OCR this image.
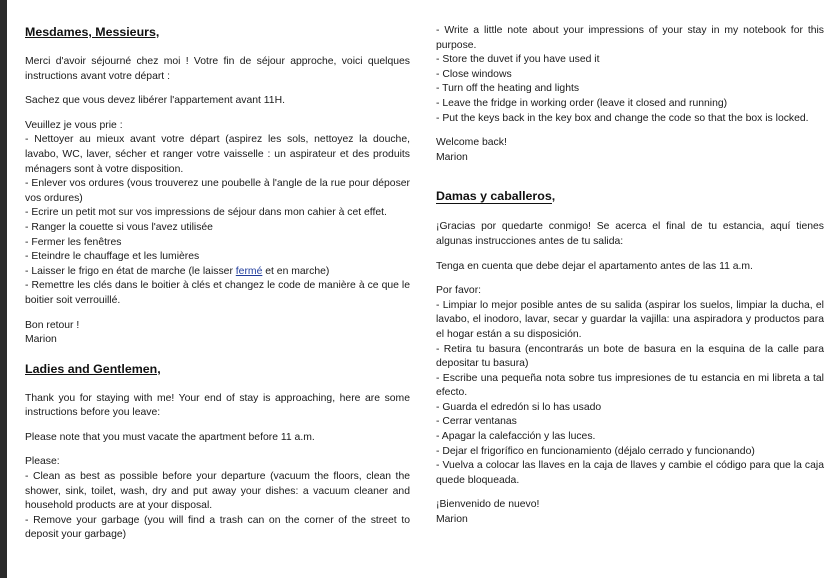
Mesdames, Messieurs,

Merci d'avoir séjourné chez moi ! Votre fin de séjour approche, voici quelques instructions avant votre départ :

Sachez que vous devez libérer l'appartement avant 11H.

Veuillez je vous prie :
- Nettoyer au mieux avant votre départ (aspirez les sols, nettoyez la douche, lavabo, WC, laver, sécher et ranger votre vaisselle : un aspirateur et des produits ménagers sont à votre disposition.
- Enlever vos ordures (vous trouverez une poubelle à l'angle de la rue pour déposer vos ordures)
- Ecrire un petit mot sur vos impressions de séjour dans mon cahier à cet effet.
- Ranger la couette si vous l'avez utilisée
- Fermer les fenêtres
- Eteindre le chauffage et les lumières
- Laisser le frigo en état de marche (le laisser fermé et en marche)
- Remettre les clés dans le boitier à clés et changez le code de manière à ce que le boitier soit verrouillé.
Bon retour !
Marion
Ladies and Gentlemen,

Thank you for staying with me! Your end of stay is approaching, here are some instructions before you leave:

Please note that you must vacate the apartment before 11 a.m.

Please:
- Clean as best as possible before your departure (vacuum the floors, clean the shower, sink, toilet, wash, dry and put away your dishes: a vacuum cleaner and household products are at your disposal.
- Remove your garbage (you will find a trash can on the corner of the street to deposit your garbage)
- Write a little note about your impressions of your stay in my notebook for this purpose.
- Store the duvet if you have used it
- Close windows
- Turn off the heating and lights
- Leave the fridge in working order (leave it closed and running)
- Put the keys back in the key box and change the code so that the box is locked.
Welcome back!
Marion
Damas y caballeros,

¡Gracias por quedarte conmigo! Se acerca el final de tu estancia, aquí tienes algunas instrucciones antes de tu salida:

Tenga en cuenta que debe dejar el apartamento antes de las 11 a.m.

Por favor:
- Limpiar lo mejor posible antes de su salida (aspirar los suelos, limpiar la ducha, el lavabo, el inodoro, lavar, secar y guardar la vajilla: una aspiradora y productos para el hogar están a su disposición.
- Retira tu basura (encontrarás un bote de basura en la esquina de la calle para depositar tu basura)
- Escribe una pequeña nota sobre tus impresiones de tu estancia en mi libreta a tal efecto.
- Guarda el edredón si lo has usado
- Cerrar ventanas
- Apagar la calefacción y las luces.
- Dejar el frigorífico en funcionamiento (déjalo cerrado y funcionando)
- Vuelva a colocar las llaves en la caja de llaves y cambie el código para que la caja quede bloqueada.
¡Bienvenido de nuevo!
Marion
